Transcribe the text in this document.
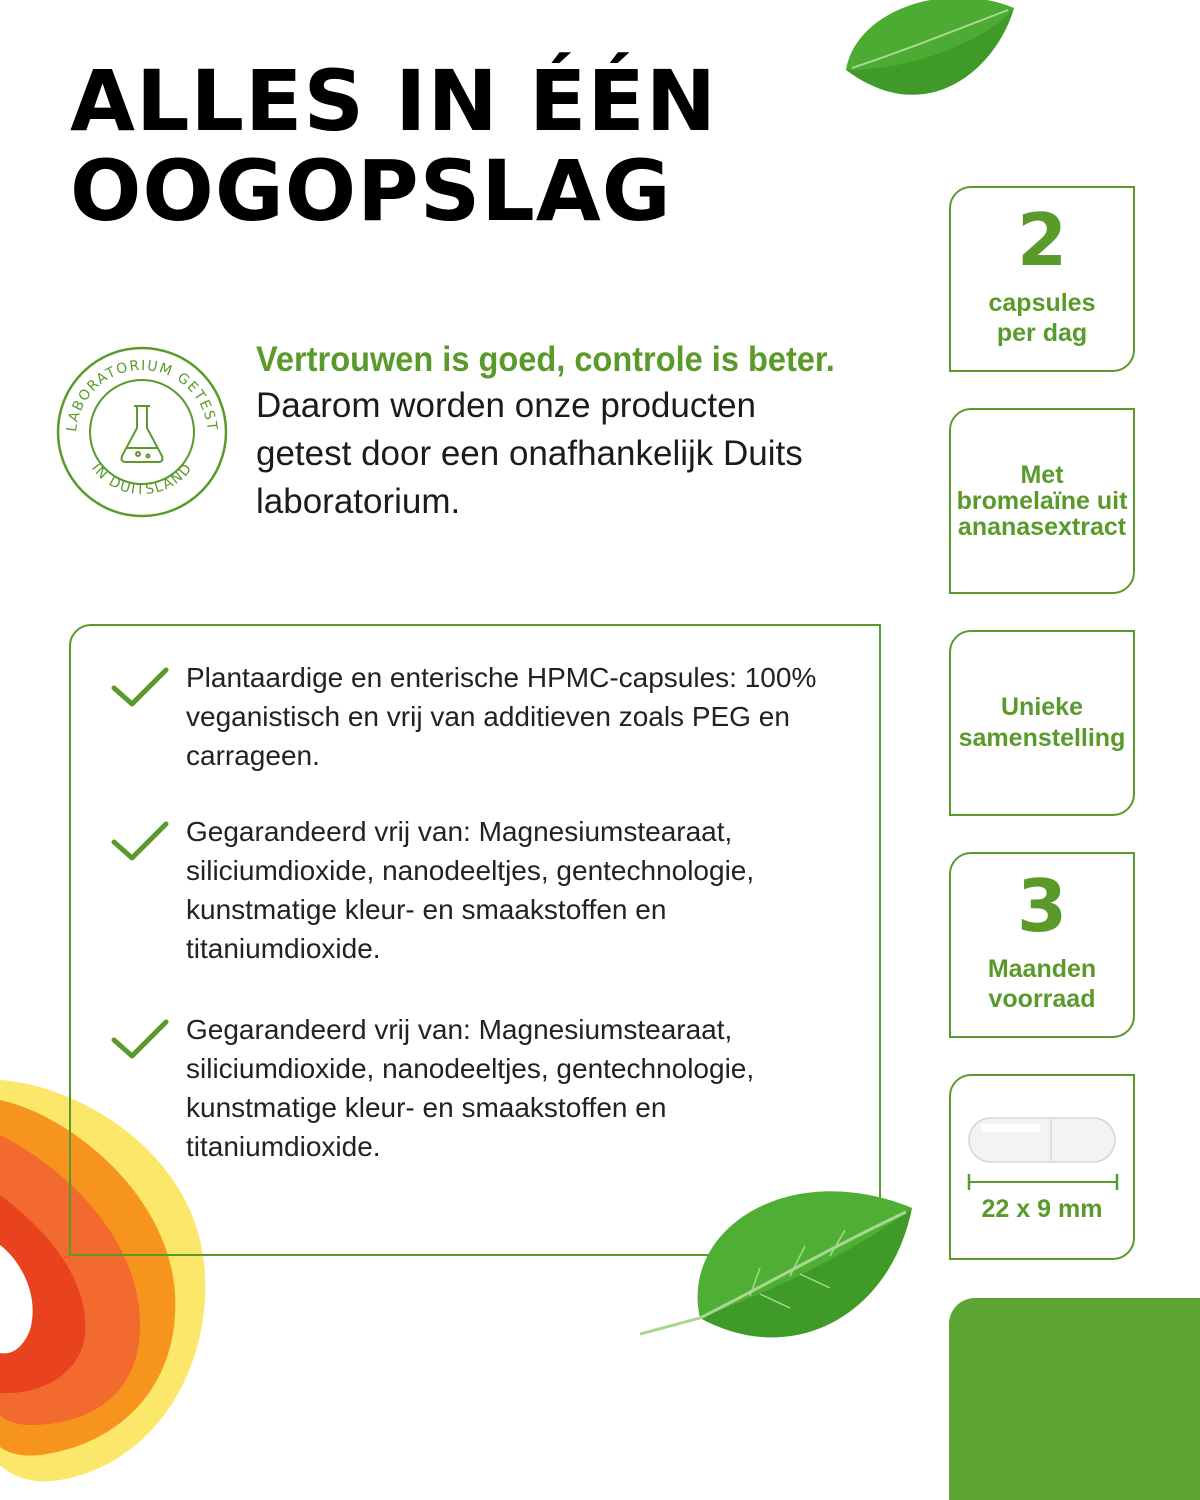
ALLES IN ÉÉN
OOGOPSLAG
LABORATORIUM GETEST
IN DUITSLAND
Vertrouwen is goed, controle is beter.
Daarom worden onze producten
getest door een onafhankelijk Duits
laboratorium.
Plantaardige en enterische HPMC-capsules: 100%
veganistisch en vrij van additieven zoals PEG en
carrageen.
Gegarandeerd vrij van: Magnesiumstearaat,
siliciumdioxide, nanodeeltjes, gentechnologie,
kunstmatige kleur- en smaakstoffen en
titaniumdioxide.
Gegarandeerd vrij van: Magnesiumstearaat,
siliciumdioxide, nanodeeltjes, gentechnologie,
kunstmatige kleur- en smaakstoffen en
titaniumdioxide.
2
capsules
per dag
Met
bromelaïne uit
ananasextract
Unieke
samenstelling
3
Maanden
voorraad
22 x 9 mm
